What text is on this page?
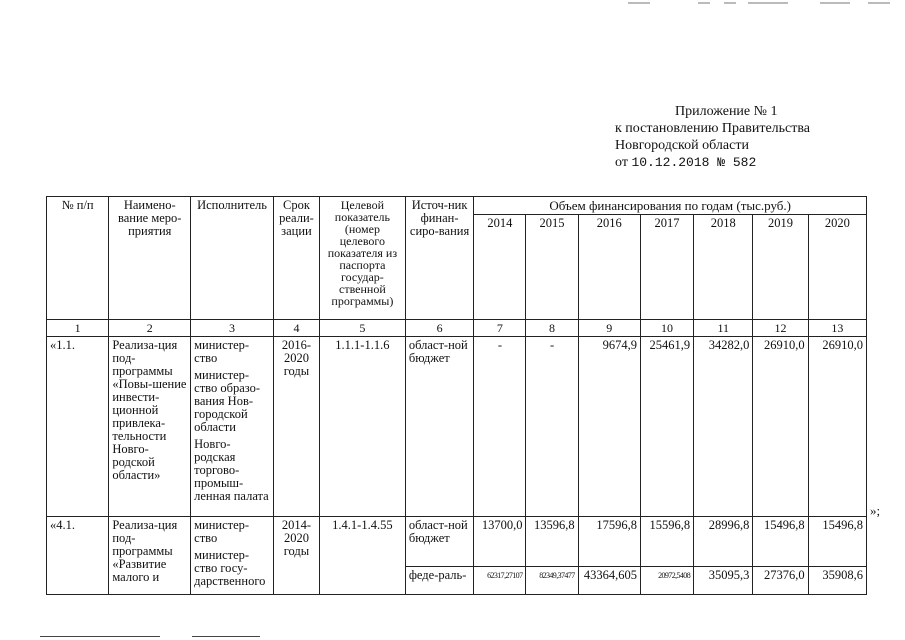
Приложение № 1
к постановлению Правительства
Новгородской области
от 10.12.2018 № 582
№ п/п	Наимено-вание меро-приятия	Исполнитель	Срок реали-зации	Целевой показатель (номер целевого показателя из паспорта государ-ственной программы)	Источ-ник финан-сиро-вания	Объем финансирования по годам (тыс.руб.)						
						2014	2015	2016	2017	2018	2019	2020
1	2	3	4	5	6	7	8	9	10	11	12	13
«1.1.	Реализа-ция под-программы «Повы-шение инвести-ционной привлека-тельности Новго-родской области»	министер-ство
министер-ство образо-вания Нов-городской области
Новго-родская торгово-промыш-ленная палата	2016-2020 годы	1.1.1-1.1.6	област-ной бюджет	-	-	9674,9	25461,9	34282,0	26910,0	26910,0
«4.1.	Реализа-ция под-программы «Развитие малого и	министер-ство
министер-ство госу-дарственного	2014-2020 годы	1.4.1-1.4.55	област-ной бюджет	13700,0	13596,8	17596,8	15596,8	28996,8	15496,8	15496,8
					феде-раль-	62317,27107	82349,37477	43364,605	20972,5408	35095,3	27376,0	35908,6
»;
